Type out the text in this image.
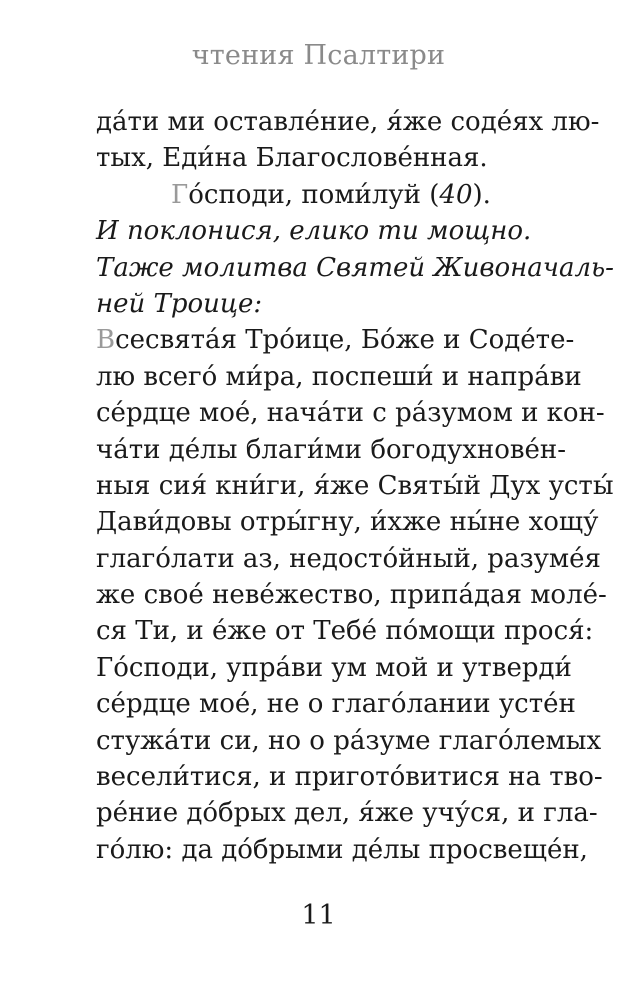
чтения Псалтири
да́ти ми оставле́ние, я́же соде́ях лю-
тых, Еди́на Благослове́нная.
Го́споди, поми́луй (40).
И поклонися, елико ти мощно.
Таже молитва Святей Живоначаль-
ней Троице:
Всесвята́я Тро́ице, Бо́же и Соде́те-
лю всего́ ми́ра, поспеши́ и напра́ви
се́рдце мое́, нача́ти с ра́зумом и кон-
ча́ти де́лы благи́ми богодухнове́н-
ныя сия́ кни́ги, я́же Святы́й Дух усты́
Дави́довы отры́гну, и́хже ны́не хощу́
глаго́лати аз, недосто́йный, разуме́я
же свое́ неве́жество, припа́дая моле́-
ся Ти, и е́же от Тебе́ по́мощи прося́:
Го́споди, упра́ви ум мой и утверди́
се́рдце мое́, не о глаго́лании усте́н
стужа́ти си, но о ра́зуме глаго́лемых
весели́тися, и пригото́витися на тво-
ре́ние до́брых дел, я́же учу́ся, и гла-
го́лю: да до́брыми де́лы просвеще́н,
11
